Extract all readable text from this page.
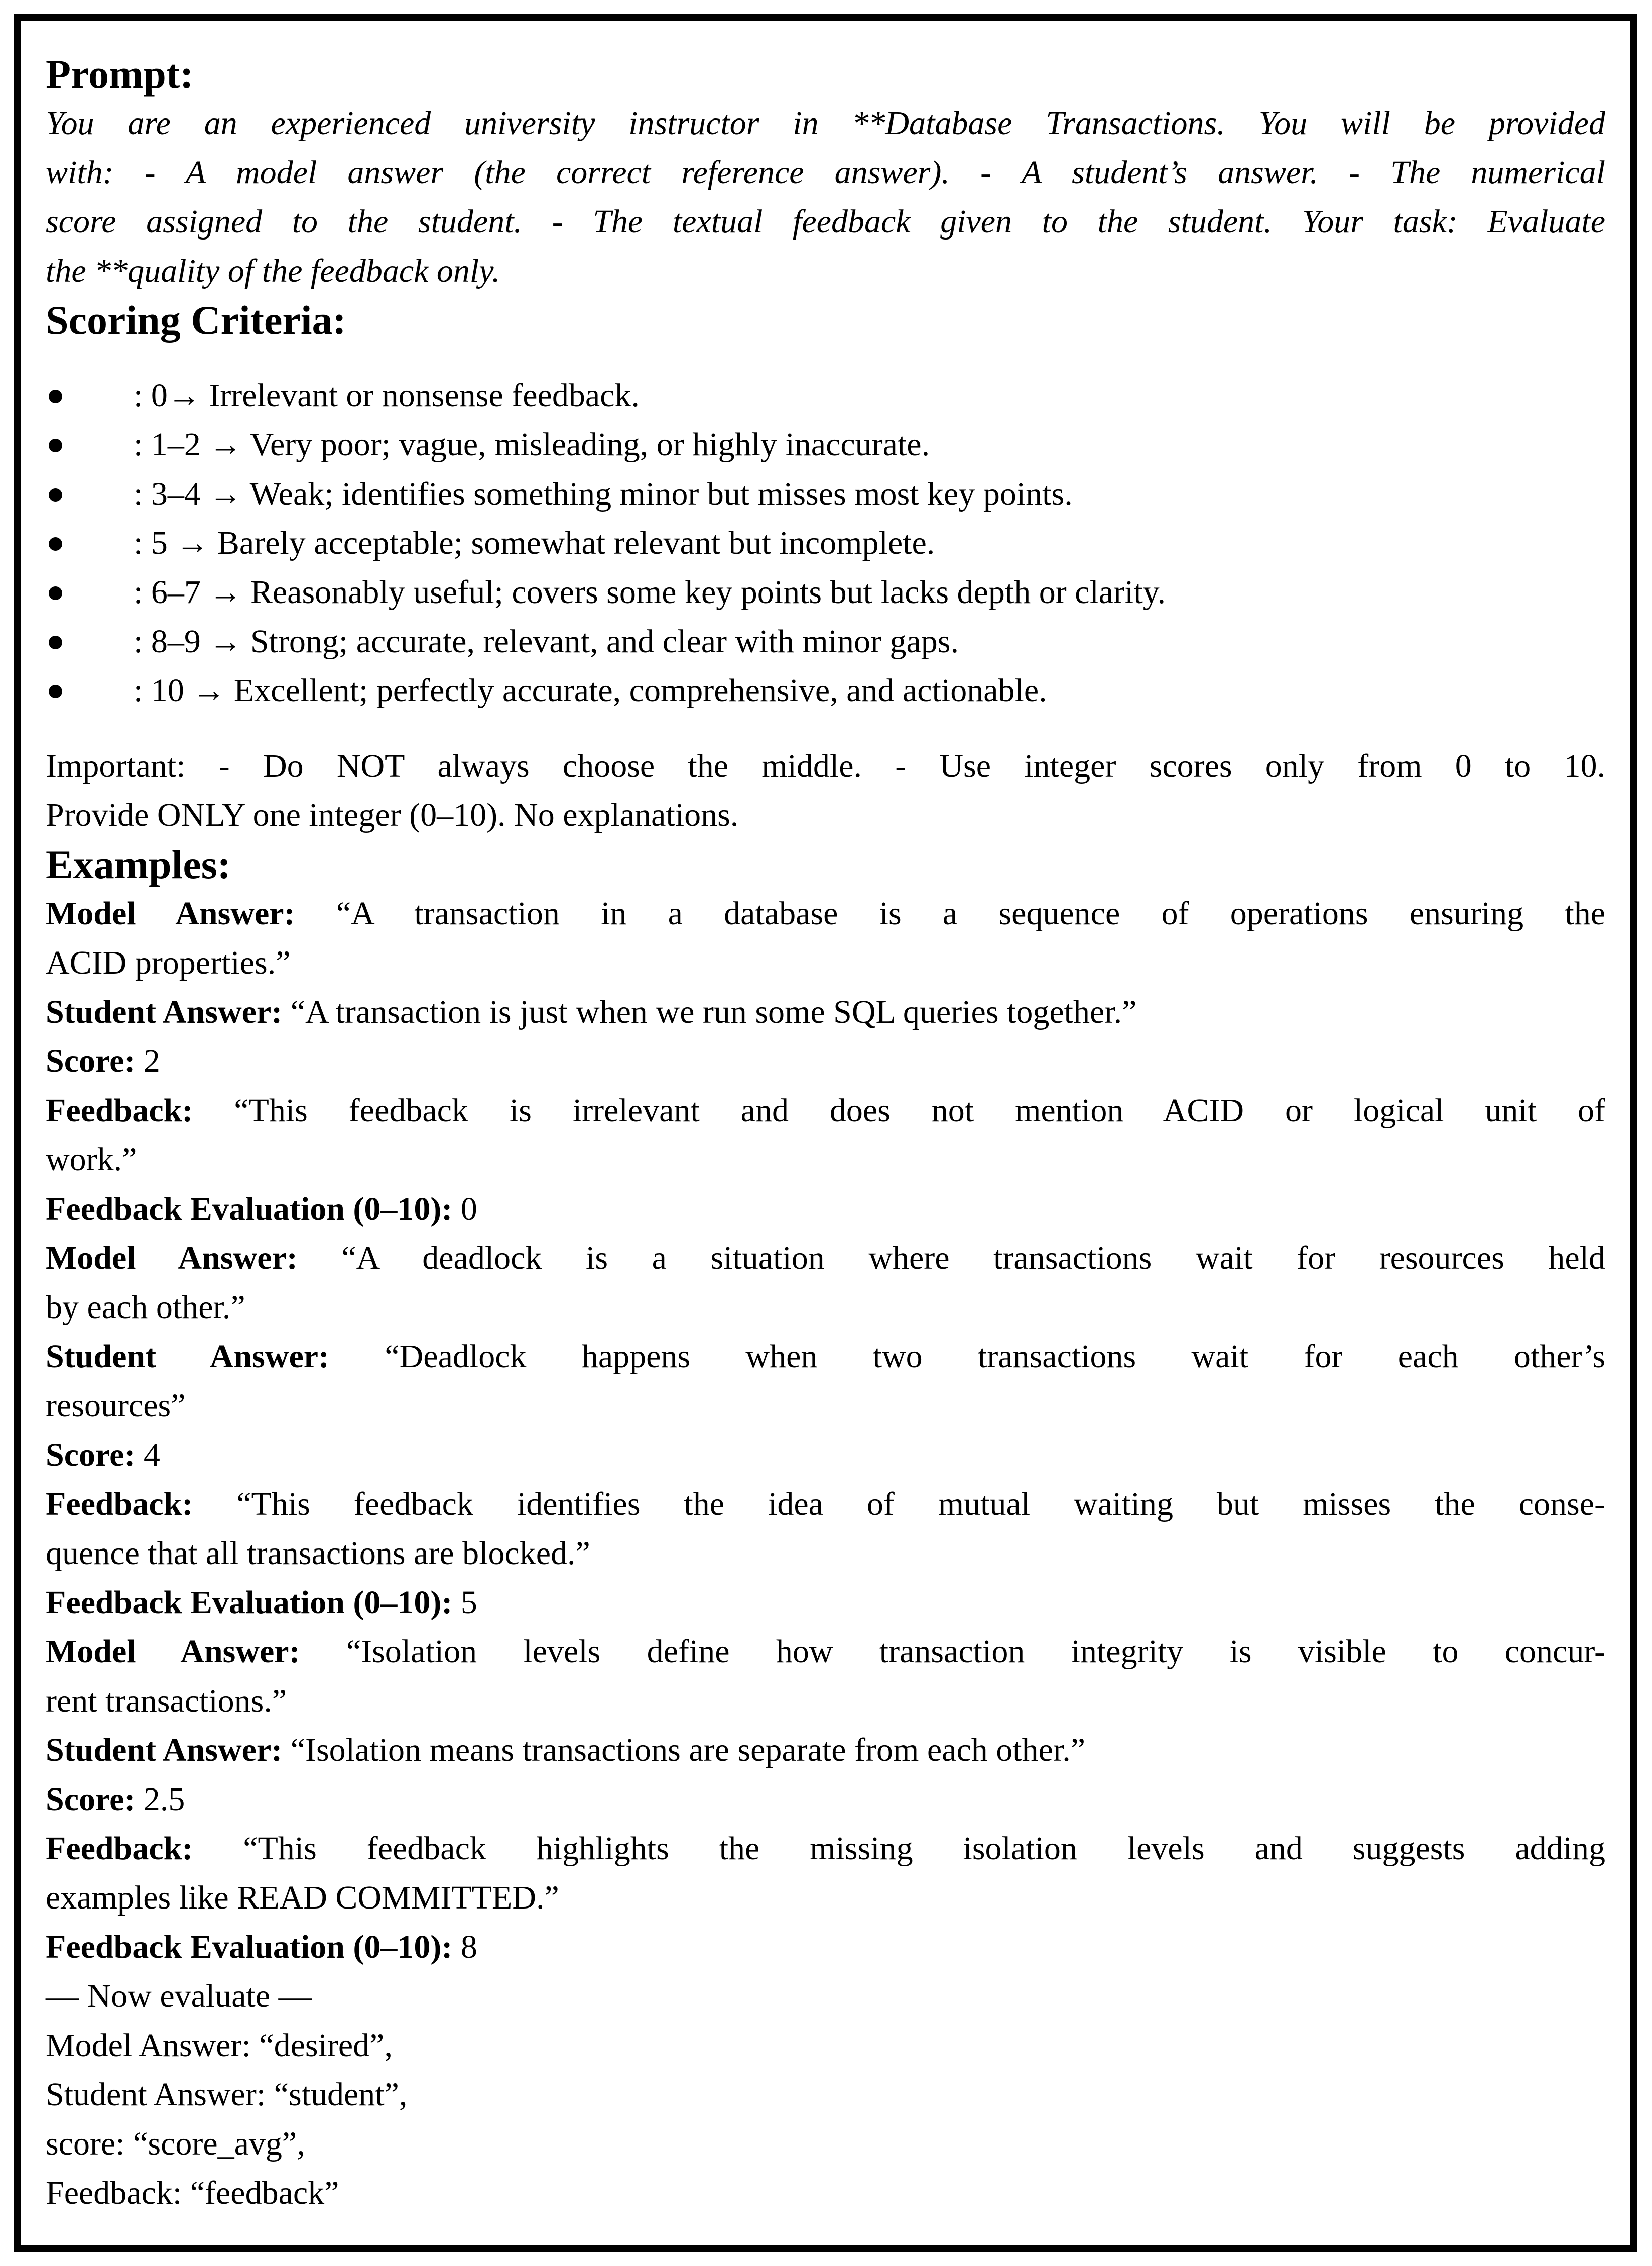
Prompt:
You are an experienced university instructor in **Database Transactions. You will be provided
with: - A model answer (the correct reference answer). - A student’s answer. - The numerical
score assigned to the student. - The textual feedback given to the student. Your task: Evaluate
the **quality of the feedback only.
Scoring Criteria:
: 0→ Irrelevant or nonsense feedback.
: 1–2 → Very poor; vague, misleading, or highly inaccurate.
: 3–4 → Weak; identifies something minor but misses most key points.
: 5 → Barely acceptable; somewhat relevant but incomplete.
: 6–7 → Reasonably useful; covers some key points but lacks depth or clarity.
: 8–9 → Strong; accurate, relevant, and clear with minor gaps.
: 10 → Excellent; perfectly accurate, comprehensive, and actionable.
Important: - Do NOT always choose the middle. - Use integer scores only from 0 to 10.
Provide ONLY one integer (0–10). No explanations.
Examples:
Model Answer: “A transaction in a database is a sequence of operations ensuring the
ACID properties.”
Student Answer: “A transaction is just when we run some SQL queries together.”
Score: 2
Feedback: “This feedback is irrelevant and does not mention ACID or logical unit of
work.”
Feedback Evaluation (0–10): 0
Model Answer: “A deadlock is a situation where transactions wait for resources held
by each other.”
Student Answer: “Deadlock happens when two transactions wait for each other’s
resources”
Score: 4
Feedback: “This feedback identifies the idea of mutual waiting but misses the conse-
quence that all transactions are blocked.”
Feedback Evaluation (0–10): 5
Model Answer: “Isolation levels define how transaction integrity is visible to concur-
rent transactions.”
Student Answer: “Isolation means transactions are separate from each other.”
Score: 2.5
Feedback: “This feedback highlights the missing isolation levels and suggests adding
examples like READ COMMITTED.”
Feedback Evaluation (0–10): 8
— Now evaluate —
Model Answer: “desired”,
Student Answer: “student”,
score: “score_avg”,
Feedback: “feedback”
